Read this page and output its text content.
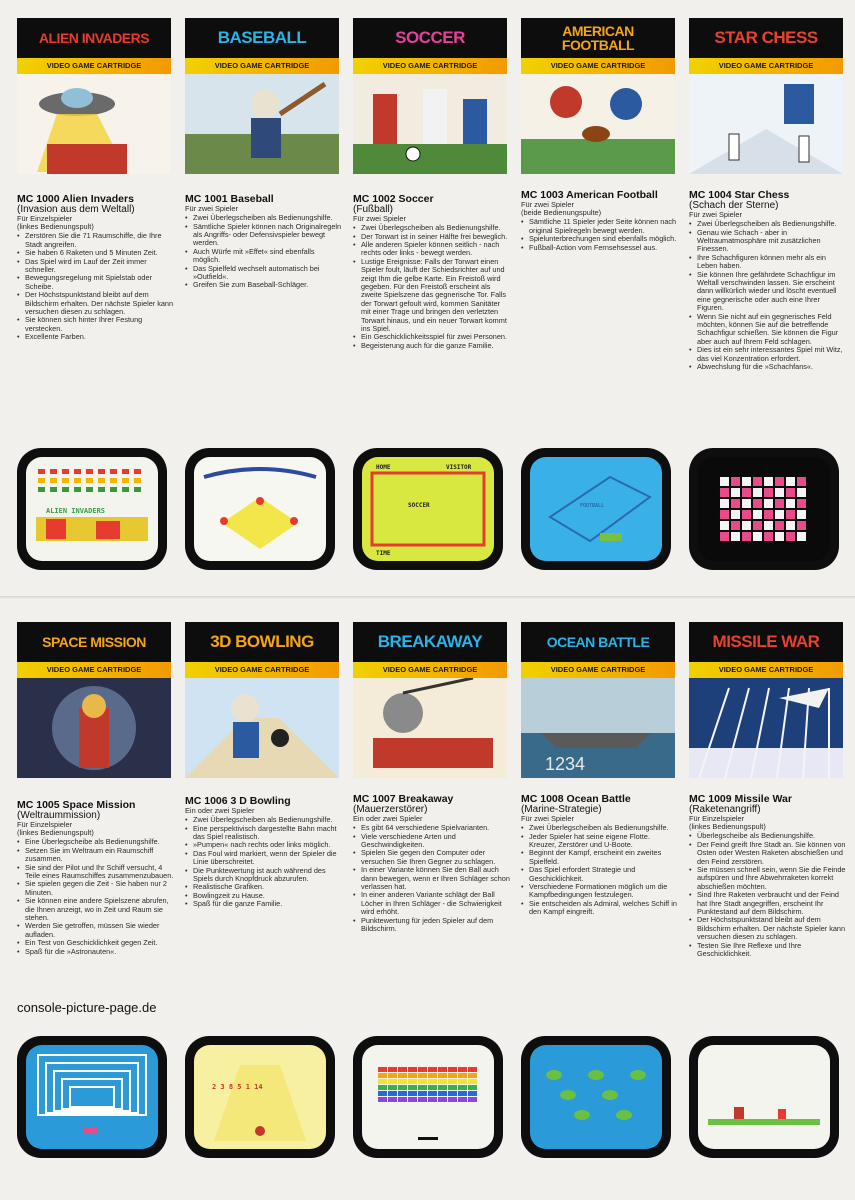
ALIEN INVADERS
VIDEO GAME CARTRIDGE
MC 1000 Alien Invaders
(Invasion aus dem Weltall)
Für Einzelspieler
(linkes Bedienungspult)
• Zerstören Sie die 71 Raumschiffe, die Ihre Stadt angreifen.
• Sie haben 6 Raketen und 5 Minuten Zeit.
• Das Spiel wird im Lauf der Zeit immer schneller.
• Bewegungsregelung mit Spielstab oder Scheibe.
• Der Höchstspunktstand bleibt auf dem Bildschirm erhalten. Der nächste Spieler kann versuchen diesen zu schlagen.
• Sie können sich hinter Ihrer Festung verstecken.
• Excellente Farben.
ALIEN INVADERS
BASEBALL
VIDEO GAME CARTRIDGE
MC 1001 Baseball
Für zwei Spieler
• Zwei Überlegscheiben als Bedienungshilfe.
• Sämtliche Spieler können nach Originalregeln als Angriffs- oder Defensivspieler bewegt werden.
• Auch Würfe mit »Effet« sind ebenfalls möglich.
• Das Spielfeld wechselt automatisch bei »Outfield«.
• Greifen Sie zum Baseball-Schläger.
SOCCER
VIDEO GAME CARTRIDGE
MC 1002 Soccer
(Fußball)
Für zwei Spieler
• Zwei Überlegscheiben als Bedienungshilfe.
• Der Torwart ist in seiner Hälfte frei beweglich.
• Alle anderen Spieler können seitlich - nach rechts oder links - bewegt werden.
• Lustige Ereignisse: Falls der Torwart einen Spieler foult, läuft der Schiedsrichter auf und zeigt Ihm die gelbe Karte. Ein Freistoß wird gegeben. Für den Freistoß erscheint als zweite Spielszene das gegnerische Tor. Falls der Torwart gefoult wird, kommen Sanitäter mit einer Trage und bringen den verletzten Torwart hinaus, und ein neuer Torwart kommt ins Spiel.
• Ein Geschicklichkeitsspiel für zwei Personen.
• Begeisterung auch für die ganze Familie.
HOME	VISITOR
SOCCER
TIME
AMERICAN FOOTBALL
VIDEO GAME CARTRIDGE
MC 1003 American Football
Für zwei Spieler
(beide Bedienungspulte)
• Sämtliche 11 Spieler jeder Seite können nach original Spielregeln bewegt werden.
• Spielunterbrechungen sind ebenfalls möglich.
• Fußball-Action vom Fernsehsessel aus.
FOOTBALL
STAR CHESS
VIDEO GAME CARTRIDGE
MC 1004 Star Chess
(Schach der Sterne)
Für zwei Spieler
• Zwei Überlegscheiben als Bedienungshilfe.
• Genau wie Schach - aber in Weltraumatmosphäre mit zusätzlichen Finessen.
• Ihre Schachfiguren können mehr als ein Leben haben.
• Sie können Ihre gefährdete Schachfigur im Weltall verschwinden lassen. Sie erscheint dann willkürlich wieder und löscht eventuell eine gegnerische oder auch eine Ihrer Figuren.
• Wenn Sie nicht auf ein gegnerisches Feld möchten, können Sie auf die betreffende Schachfigur schießen. Sie können die Figur aber auch auf Ihrem Feld schlagen.
• Dies ist ein sehr interessantes Spiel mit Witz, das viel Konzentration erfordert.
• Abwechslung für die »Schachfans«.
SPACE MISSION
VIDEO GAME CARTRIDGE
MC 1005 Space Mission
(Weltraummission)
Für Einzelspieler
(linkes Bedienungspult)
• Eine Überlegscheibe als Bedienungshilfe.
• Setzen Sie im Weltraum ein Raumschiff zusammen.
• Sie sind der Pilot und Ihr Schiff versucht, 4 Teile eines Raumschiffes zusammenzubauen.
• Sie spielen gegen die Zeit - Sie haben nur 2 Minuten.
• Sie können eine andere Spielszene abrufen, die Ihnen anzeigt, wo in Zeit und Raum sie stehen.
• Werden Sie getroffen, müssen Sie wieder aufladen.
• Ein Test von Geschicklichkeit gegen Zeit.
• Spaß für die »Astronauten«.
3D BOWLING
VIDEO GAME CARTRIDGE
MC 1006 3 D Bowling
Ein oder zwei Spieler
• Zwei Überlegscheiben als Bedienungshilfe.
• Eine perspektivisch dargestellte Bahn macht das Spiel realistisch.
• »Pumpen« nach rechts oder links möglich.
• Das Foul wird markiert, wenn der Spieler die Linie überschreitet.
• Die Punktewertung ist auch während des Spiels durch Knopfdruck abzurufen.
• Realistische Grafiken.
• Bowlingzeit zu Hause.
• Spaß für die ganze Familie.
2 3 8 5 1 14
BREAKAWAY
VIDEO GAME CARTRIDGE
MC 1007 Breakaway
(Mauerzerstörer)
Ein oder zwei Spieler
• Es gibt 64 verschiedene Spielvarianten.
• Viele verschiedene Arten und Geschwindigkeiten.
• Spielen Sie gegen den Computer oder versuchen Sie Ihren Gegner zu schlagen.
• In einer Variante können Sie den Ball auch dann bewegen, wenn er Ihren Schläger schon verlassen hat.
• In einer anderen Variante schlägt der Ball Löcher in Ihren Schläger - die Schwierigkeit wird erhöht.
• Punktewertung für jeden Spieler auf dem Bildschirm.
OCEAN BATTLE
VIDEO GAME CARTRIDGE
1234
MC 1008 Ocean Battle
(Marine-Strategie)
Für zwei Spieler
• Zwei Überlegscheiben als Bedienungshilfe.
• Jeder Spieler hat seine eigene Flotte. Kreuzer, Zerstörer und U-Boote.
• Beginnt der Kampf, erscheint ein zweites Spielfeld.
• Das Spiel erfordert Strategie und Geschicklichkeit.
• Verschiedene Formationen möglich um die Kampfbedingungen festzulegen.
• Sie entscheiden als Admiral, welches Schiff in den Kampf eingreift.
MISSILE WAR
VIDEO GAME CARTRIDGE
MC 1009 Missile War
(Raketenangriff)
Für Einzelspieler
(linkes Bedienungspult)
• Überlegscheibe als Bedienungshilfe.
• Der Feind greift Ihre Stadt an. Sie können von Osten oder Westen Raketen abschießen und den Feind zerstören.
• Sie müssen schnell sein, wenn Sie die Feinde aufspüren und Ihre Abwehrraketen korrekt abschießen möchten.
• Sind Ihre Raketen verbraucht und der Feind hat Ihre Stadt angegriffen, erscheint Ihr Punktestand auf dem Bildschirm.
• Der Höchstspunktstand bleibt auf dem Bildschirm erhalten. Der nächste Spieler kann versuchen diesen zu schlagen.
• Testen Sie Ihre Reflexe und Ihre Geschicklichkeit.
console-picture-page.de
